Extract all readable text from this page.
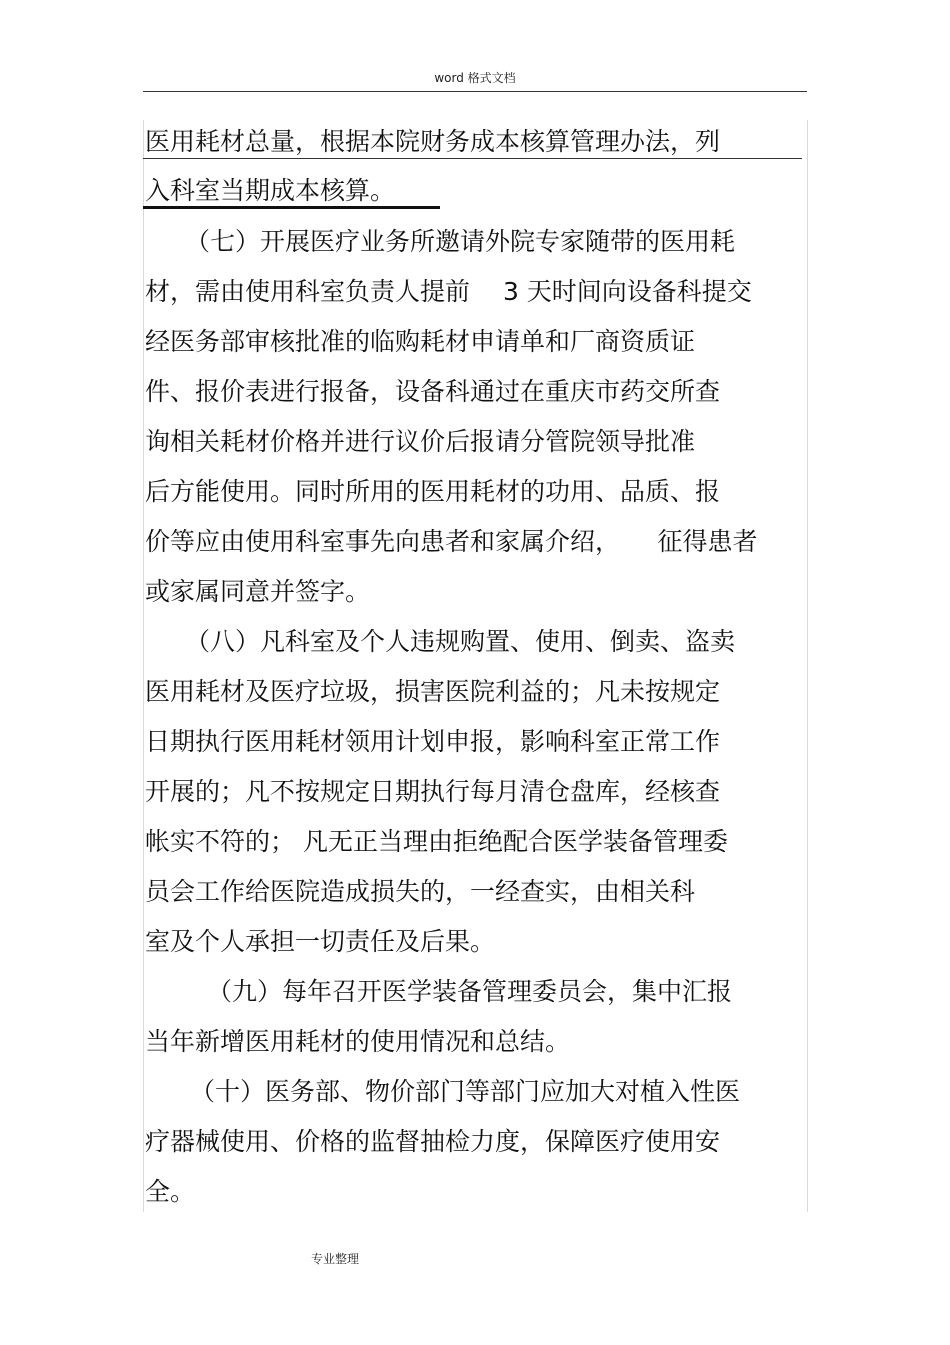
word 格式文档
医用耗材总量，根据本院财务成本核算管理办法，列
入科室当期成本核算。
（七）开展医疗业务所邀请外院专家随带的医用耗
材，需由使用科室负责人提前　 3 天时间向设备科提交
经医务部审核批准的临购耗材申请单和厂商资质证
件、报价表进行报备，设备科通过在重庆市药交所查
询相关耗材价格并进行议价后报请分管院领导批准
后方能使用。同时所用的医用耗材的功用、品质、报
价等应由使用科室事先向患者和家属介绍，　　征得患者
或家属同意并签字。
（八）凡科室及个人违规购置、使用、倒卖、盗卖
医用耗材及医疗垃圾，损害医院利益的；凡未按规定
日期执行医用耗材领用计划申报，影响科室正常工作
开展的；凡不按规定日期执行每月清仓盘库，经核查
帐实不符的； 凡无正当理由拒绝配合医学装备管理委
员会工作给医院造成损失的，一经查实，由相关科
室及个人承担一切责任及后果。
（九）每年召开医学装备管理委员会，集中汇报
当年新增医用耗材的使用情况和总结。
（十）医务部、物价部门等部门应加大对植入性医
疗器械使用、价格的监督抽检力度，保障医疗使用安
全。
专业整理
